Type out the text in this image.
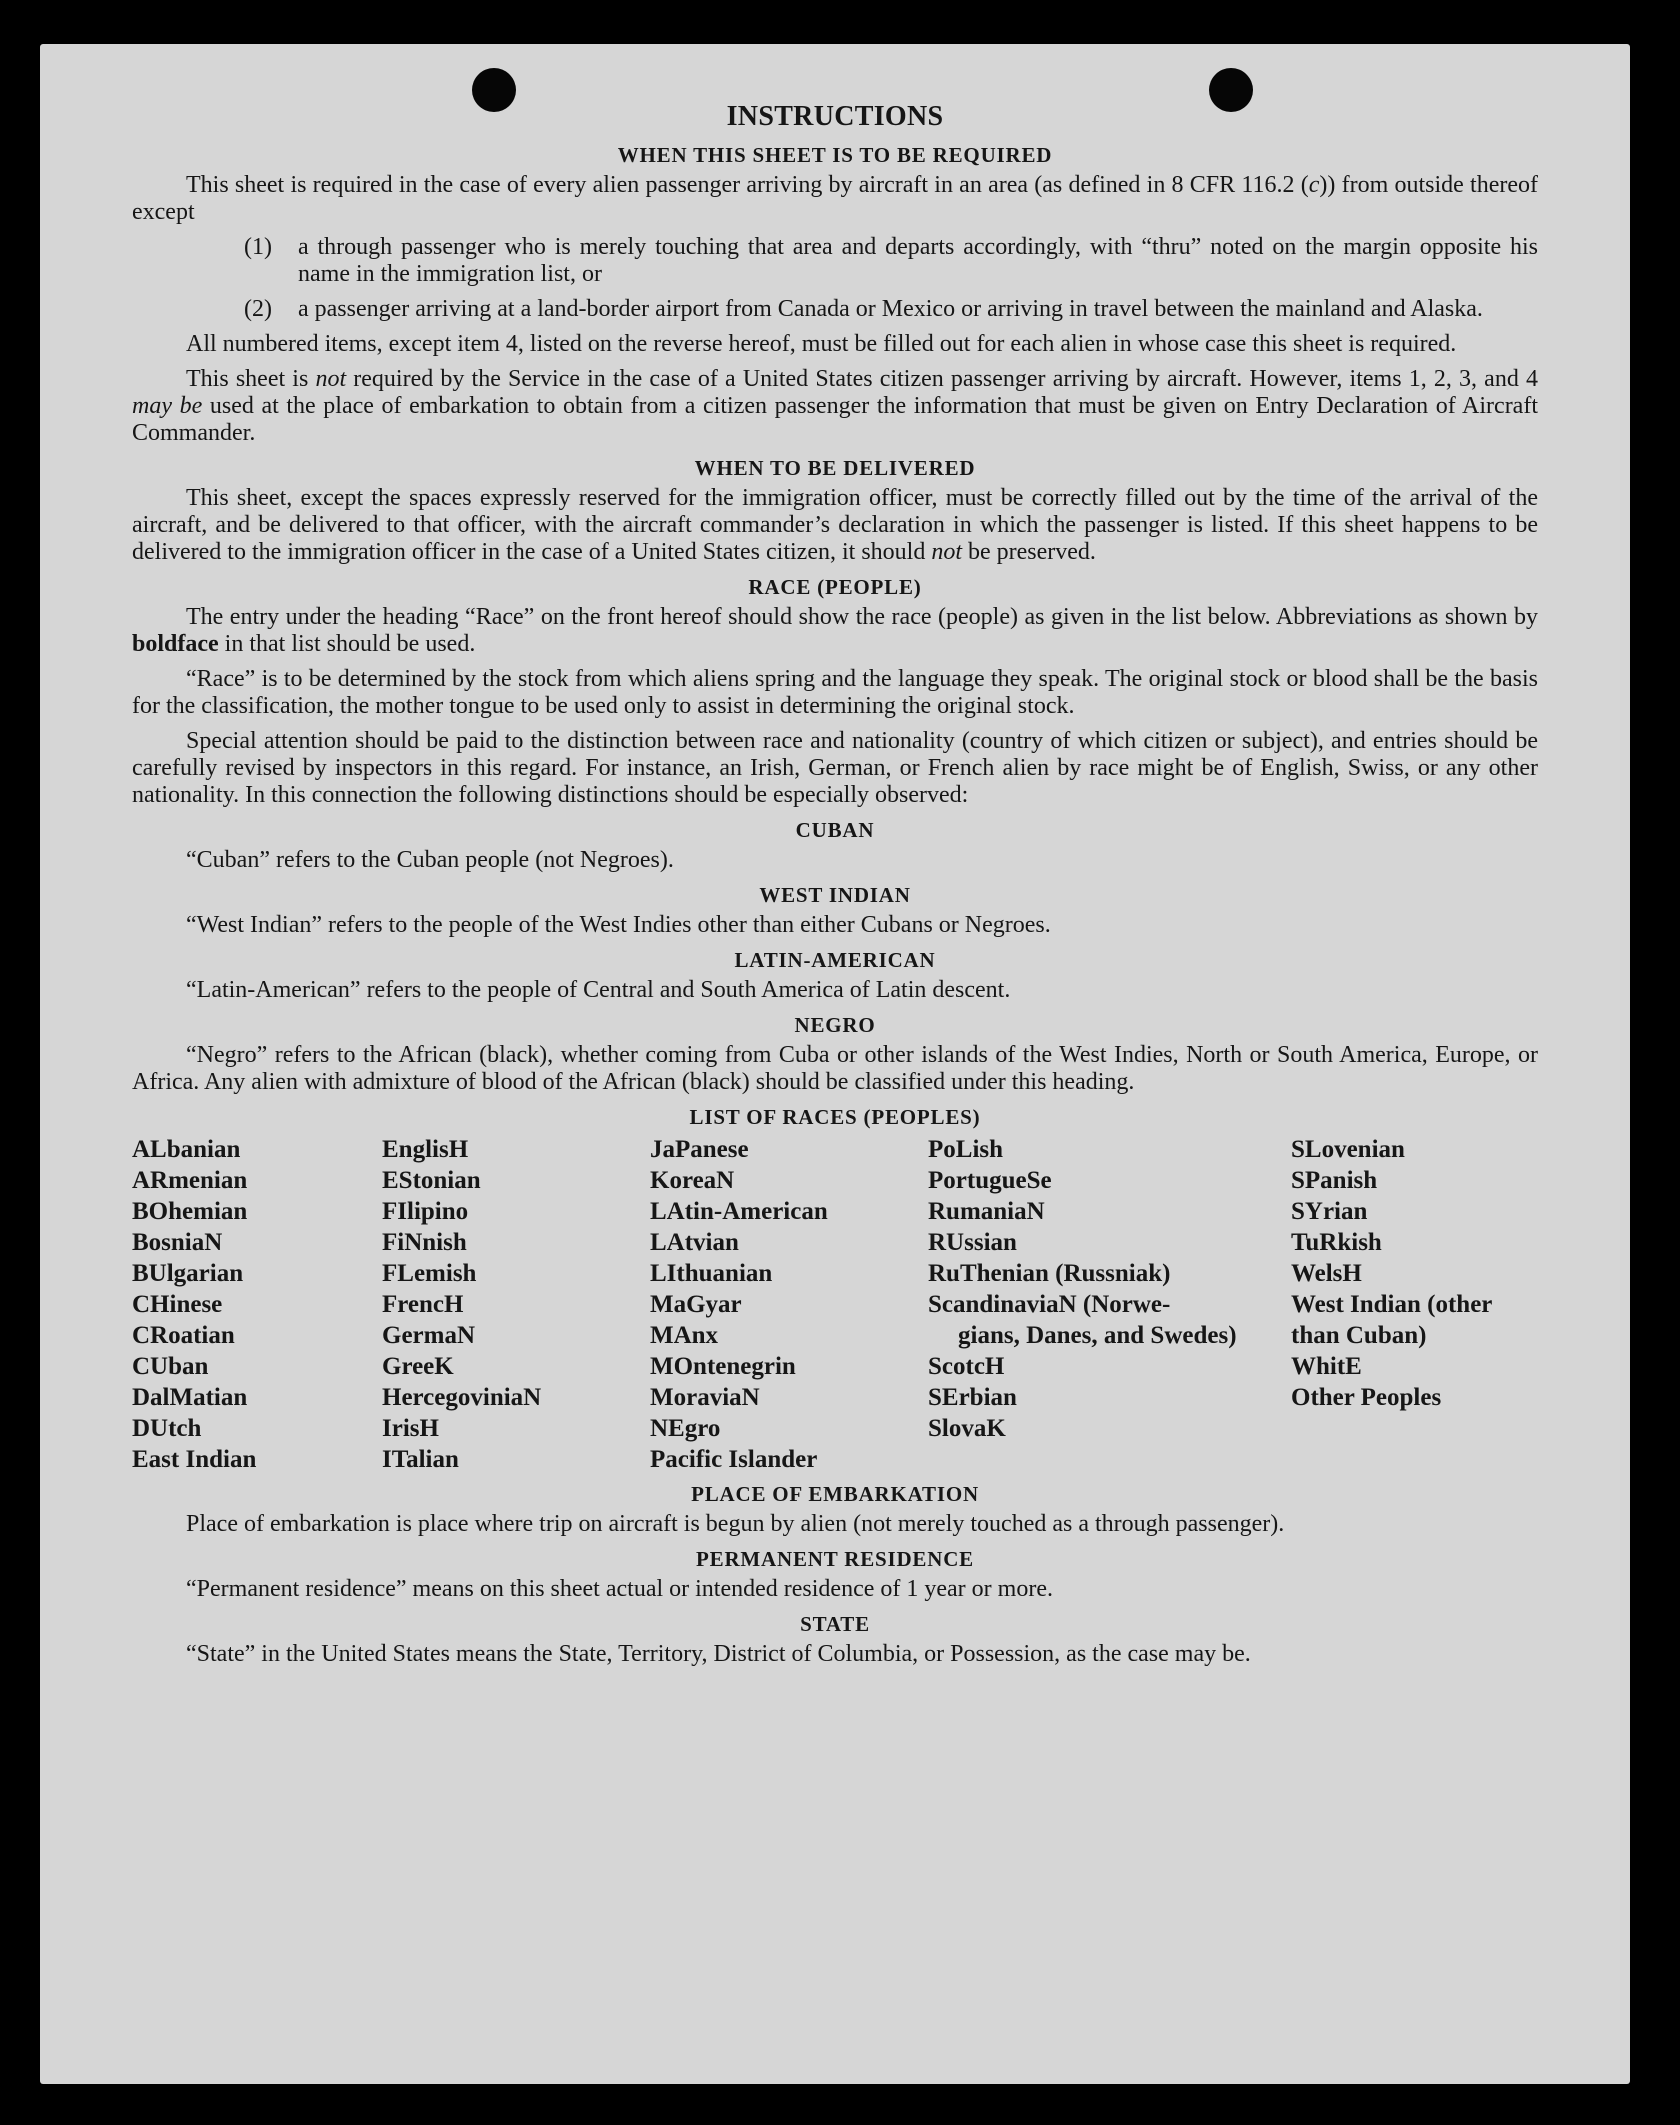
INSTRUCTIONS
WHEN THIS SHEET IS TO BE REQUIRED

This sheet is required in the case of every alien passenger arriving by aircraft in an area (as defined in 8 CFR 116.2 (c)) from outside thereof except

(1)	a through passenger who is merely touching that area and departs accordingly, with “thru” noted on the margin opposite his name in the immigration list, or
(2)	a passenger arriving at a land-border airport from Canada or Mexico or arriving in travel between the mainland and Alaska.

All numbered items, except item 4, listed on the reverse hereof, must be filled out for each alien in whose case this sheet is required.

This sheet is not required by the Service in the case of a United States citizen passenger arriving by aircraft. However, items 1, 2, 3, and 4 may be used at the place of embarkation to obtain from a citizen passenger the information that must be given on Entry Declaration of Aircraft Commander.

WHEN TO BE DELIVERED

This sheet, except the spaces expressly reserved for the immigration officer, must be correctly filled out by the time of the arrival of the aircraft, and be delivered to that officer, with the aircraft commander’s declaration in which the passenger is listed. If this sheet happens to be delivered to the immigration officer in the case of a United States citizen, it should not be preserved.

RACE (PEOPLE)

The entry under the heading “Race” on the front hereof should show the race (people) as given in the list below. Abbreviations as shown by boldface in that list should be used.

“Race” is to be determined by the stock from which aliens spring and the language they speak. The original stock or blood shall be the basis for the classification, the mother tongue to be used only to assist in determining the original stock.

Special attention should be paid to the distinction between race and nationality (country of which citizen or subject), and entries should be carefully revised by inspectors in this regard. For instance, an Irish, German, or French alien by race might be of English, Swiss, or any other nationality. In this connection the following distinctions should be especially observed:

CUBAN
“Cuban” refers to the Cuban people (not Negroes).
WEST INDIAN
“West Indian” refers to the people of the West Indies other than either Cubans or Negroes.
LATIN-AMERICAN
“Latin-American” refers to the people of Central and South America of Latin descent.
NEGRO

“Negro” refers to the African (black), whether coming from Cuba or other islands of the West Indies, North or South America, Europe, or Africa. Any alien with admixture of blood of the African (black) should be classified under this heading.

LIST OF RACES (PEOPLES)
ALbanian
ARmenian
BOhemian
BosniaN
BUlgarian
CHinese
CRoatian
CUban
DalMatian
DUtch
East Indian
EnglisH
EStonian
FIlipino
FiNnish
FLemish
FrencH
GermaN
GreeK
HercegoviniaN
IrisH
ITalian
JaPanese
KoreaN
LAtin-American
LAtvian
LIthuanian
MaGyar
MAnx
MOntenegrin
MoraviaN
NEgro
Pacific Islander
PoLish
PortugueSe
RumaniaN
RUssian
RuThenian (Russniak)
ScandinaviaN (Norwe-
gians, Danes, and Swedes)
ScotcH
SErbian
SlovaK
SLovenian
SPanish
SYrian
TuRkish
WelsH
West Indian (other than Cuban)
WhitE
Other Peoples
PLACE OF EMBARKATION

Place of embarkation is place where trip on aircraft is begun by alien (not merely touched as a through passenger).

PERMANENT RESIDENCE

“Permanent residence” means on this sheet actual or intended residence of 1 year or more.

STATE

“State” in the United States means the State, Territory, District of Columbia, or Possession, as the case may be.
